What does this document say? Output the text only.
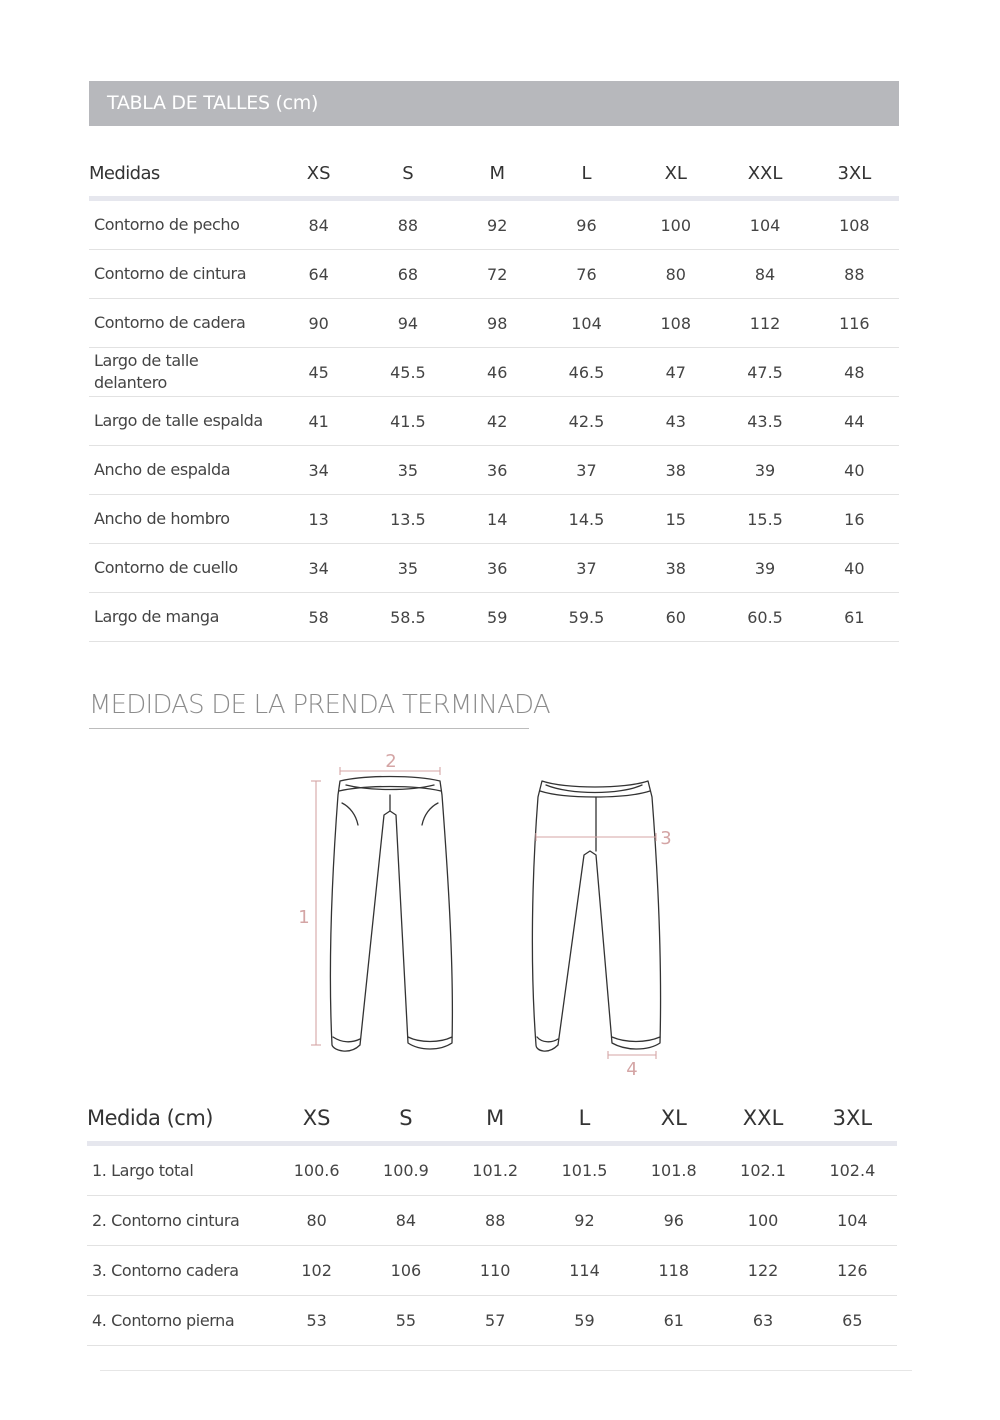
TABLA DE TALLES (cm)
Medidas	XS	S	M	L	XL	XXL	3XL
Contorno de pecho	84	88	92	96	100	104	108
Contorno de cintura	64	68	72	76	80	84	88
Contorno de cadera	90	94	98	104	108	112	116
Largo de talle delantero	45	45.5	46	46.5	47	47.5	48
Largo de talle espalda	41	41.5	42	42.5	43	43.5	44
Ancho de espalda	34	35	36	37	38	39	40
Ancho de hombro	13	13.5	14	14.5	15	15.5	16
Contorno de cuello	34	35	36	37	38	39	40
Largo de manga	58	58.5	59	59.5	60	60.5	61
MEDIDAS DE LA PRENDA TERMINADA
1
2
3
4
Medida (cm)	XS	S	M	L	XL	XXL	3XL
1. Largo total	100.6	100.9	101.2	101.5	101.8	102.1	102.4
2. Contorno cintura	80	84	88	92	96	100	104
3. Contorno cadera	102	106	110	114	118	122	126
4. Contorno pierna	53	55	57	59	61	63	65
